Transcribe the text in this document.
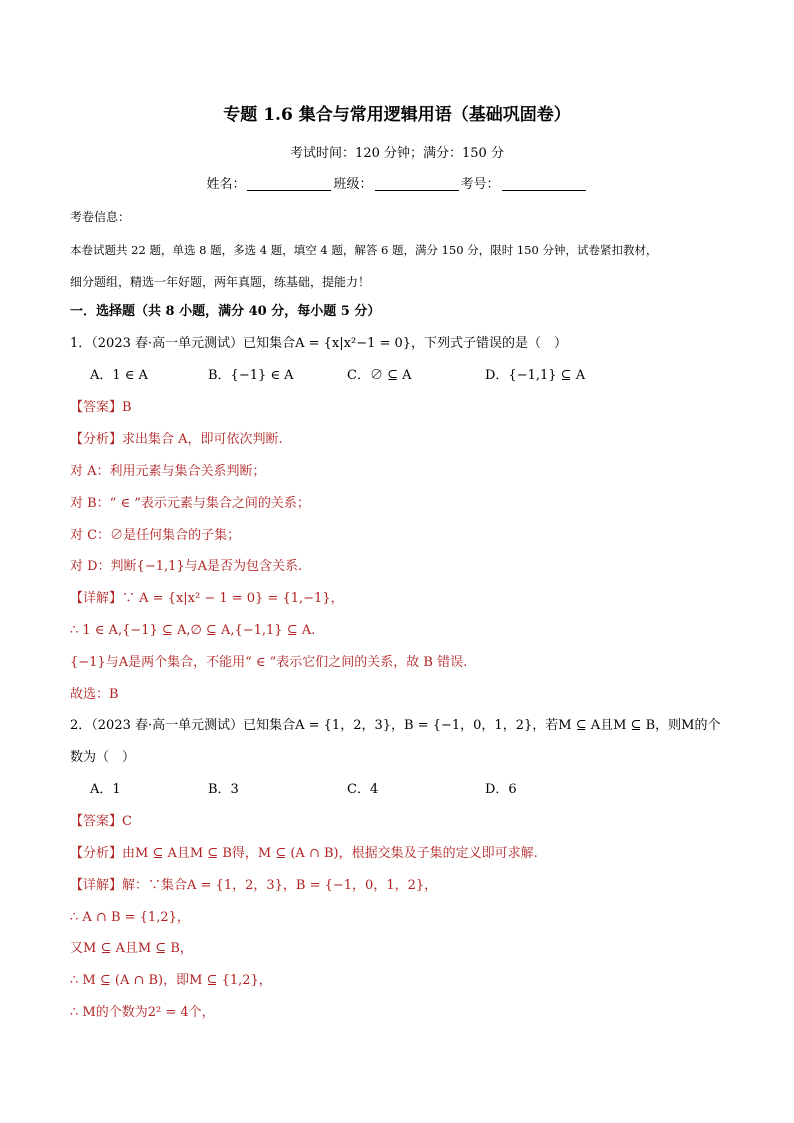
专题 1.6 集合与常用逻辑用语（基础巩固卷）
考试时间：120 分钟；满分：150 分
姓名：	班级：	考号：
考卷信息：
本卷试题共 22 题，单选 8 题，多选 4 题，填空 4 题，解答 6 题，满分 150 分，限时 150 分钟，试卷紧扣教材，
细分题组，精选一年好题，两年真题，练基础，提能力！
一．选择题（共 8 小题，满分 40 分，每小题 5 分）
1．（2023 春·高一单元测试）已知集合A = {x|x²−1 = 0}，下列式子错误的是（　）
A．1 ∈ A	B．{−1} ∈ A	C．∅ ⊆ A	D．{−1,1} ⊆ A
【答案】B
【分析】求出集合 A，即可依次判断.
对 A：利用元素与集合关系判断；
对 B：“ ∈ ”表示元素与集合之间的关系；
对 C：∅是任何集合的子集；
对 D：判断{−1,1}与A是否为包含关系.
【详解】∵ A = {x|x² − 1 = 0} = {1,−1}，
∴ 1 ∈ A,{−1} ⊆ A,∅ ⊆ A,{−1,1} ⊆ A.
{−1}与A是两个集合，不能用“ ∈ ”表示它们之间的关系，故 B 错误.
故选：B
2．（2023 春·高一单元测试）已知集合A = {1，2，3}，B = {−1，0，1，2}，若M ⊆ A且M ⊆ B，则M的个
数为（　）
A．1	B．3	C．4	D．6
【答案】C
【分析】由M ⊆ A且M ⊆ B得，M ⊆ (A ∩ B)，根据交集及子集的定义即可求解.
【详解】解：∵集合A = {1，2，3}，B = {−1，0，1，2}，
∴ A ∩ B = {1,2}，
又M ⊆ A且M ⊆ B，
∴ M ⊆ (A ∩ B)，即M ⊆ {1,2}，
∴ M的个数为2² = 4个，
